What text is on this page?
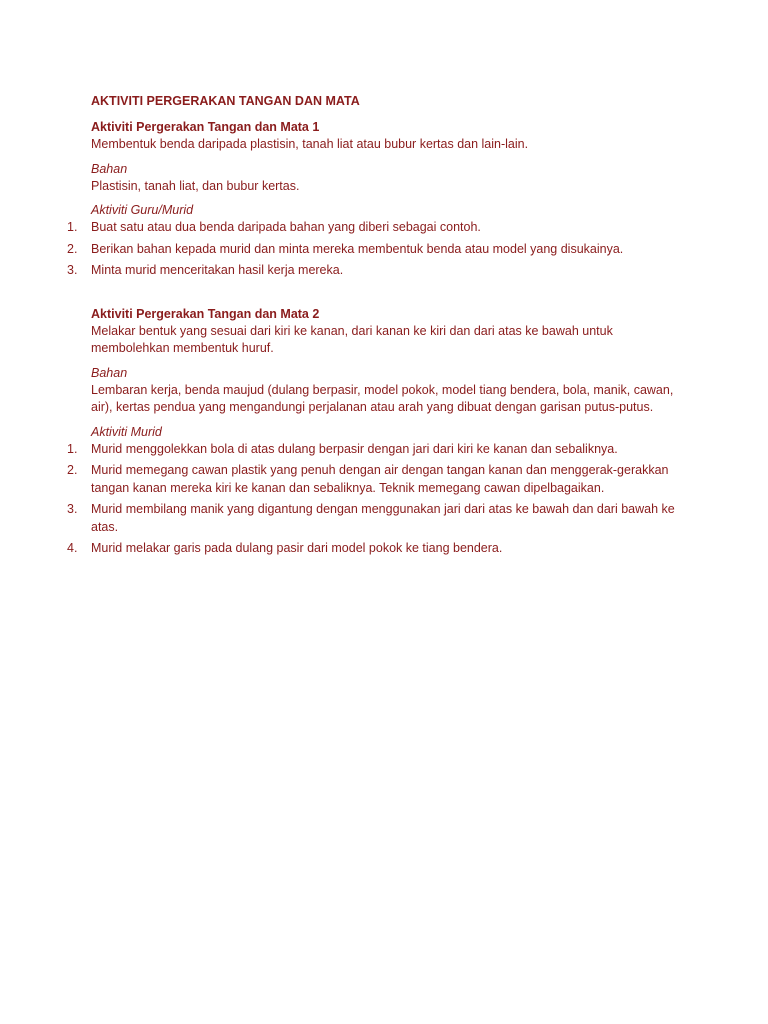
AKTIVITI PERGERAKAN TANGAN DAN MATA
Aktiviti Pergerakan Tangan dan Mata 1
Membentuk benda daripada plastisin, tanah liat atau bubur kertas dan lain-lain.
Bahan
Plastisin, tanah liat, dan bubur kertas.
Aktiviti Guru/Murid
1.	Buat satu atau dua benda daripada bahan yang diberi sebagai contoh.
2.	Berikan bahan kepada murid dan minta mereka membentuk benda atau model yang disukainya.
3.	Minta murid menceritakan hasil kerja mereka.
Aktiviti Pergerakan Tangan dan Mata 2
Melakar bentuk yang sesuai dari kiri ke kanan, dari kanan ke kiri dan dari atas ke bawah untuk membolehkan membentuk huruf.
Bahan
Lembaran kerja, benda maujud (dulang berpasir, model pokok, model tiang bendera, bola, manik, cawan, air), kertas pendua yang mengandungi perjalanan atau arah yang dibuat dengan garisan putus-putus.
Aktiviti Murid
1.	Murid menggolekkan bola di atas dulang berpasir dengan jari dari kiri ke kanan dan sebaliknya.
2.	Murid memegang cawan plastik yang penuh dengan air dengan tangan kanan dan menggerak-gerakkan tangan kanan mereka kiri ke kanan dan sebaliknya. Teknik memegang cawan dipelbagaikan.
3.	Murid membilang manik yang digantung dengan menggunakan jari dari atas ke bawah dan dari bawah ke atas.
4.	Murid melakar garis pada dulang pasir dari model pokok ke tiang bendera.
